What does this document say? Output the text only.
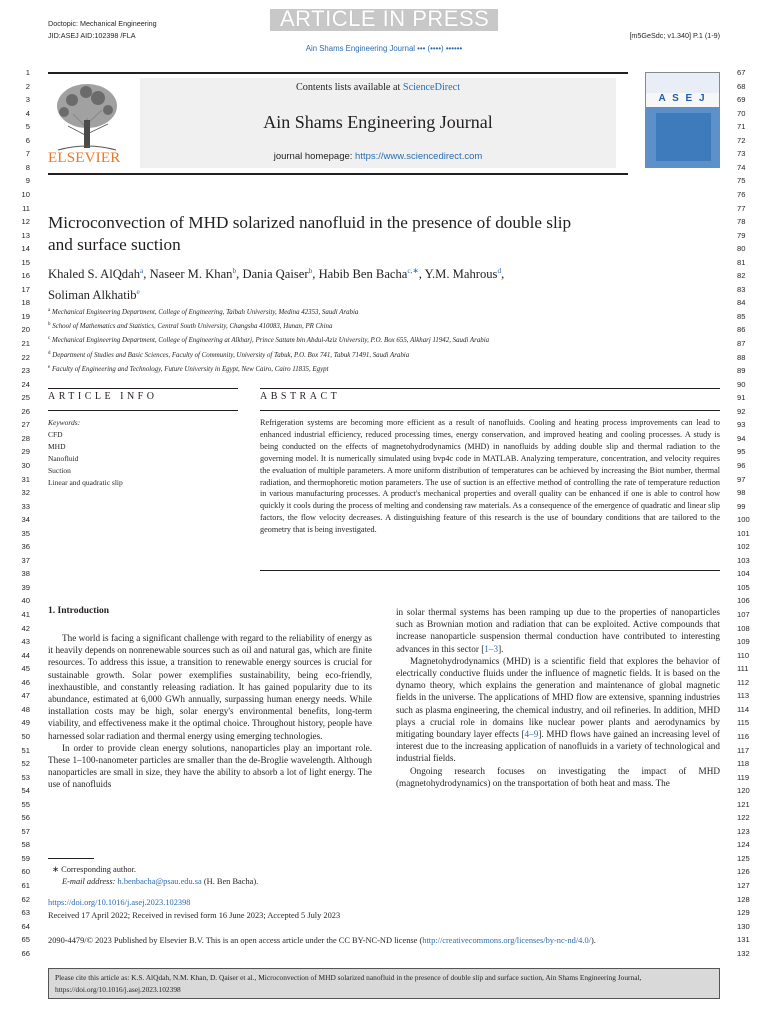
ARTICLE IN PRESS
Doctopic: Mechanical Engineering
JID:ASEJ AID:102398 /FLA	[m5GeSdc; v1.340] P.1 (1-9)
Ain Shams Engineering Journal ••• (••••) ••••••
1
2
3
4
5
6
7
8
9
10
11
12
13
14
15
16
17
18
19
20
21
22
23
24
25
26
27
28
29
30
31
32
33
34
35
36
37
38
39
40
41
42
43
44
45
46
47
48
49
50
51
52
53
54
55
56
57
58
59
60
61
62
63
64
65
66
67
68
69
70
71
72
73
74
75
76
77
78
79
80
81
82
83
84
85
86
87
88
89
90
91
92
93
94
95
96
97
98
99
100
101
102
103
104
105
106
107
108
109
110
111
112
113
114
115
116
117
118
119
120
121
122
123
124
125
126
127
128
129
130
131
132
ELSEVIER
Contents lists available at ScienceDirect
Ain Shams Engineering Journal
journal homepage: https://www.sciencedirect.com
A S E J
Microconvection of MHD solarized nanofluid in the presence of double slip
and surface suction
Khaled S. AlQdah$^a$, Naseer M. Khan$^b$, Dania Qaiser$^b$, Habib Ben Bacha$^{c,∗}$, Y.M. Mahrous$^d$,
Soliman Alkhatib$^e$
$^a$ Mechanical Engineering Department, College of Engineering, Taibah University, Medina 42353, Saudi Arabia
$^b$ School of Mathematics and Statistics, Central South University, Changsha 410083, Hunan, PR China
$^c$ Mechanical Engineering Department, College of Engineering at Alkharj, Prince Sattam bin Abdul-Aziz University, P.O. Box 655, Alkharj 11942, Saudi Arabia
$^d$ Department of Studies and Basic Sciences, Faculty of Community, University of Tabuk, P.O. Box 741, Tabuk 71491, Saudi Arabia
$^e$ Faculty of Engineering and Technology, Future University in Egypt, New Cairo, Cairo 11835, Egypt
ARTICLE INFO	ABSTRACT
Keywords:
CFD
MHD
Nanofluid
Suction
Linear and quadratic slip
Refrigeration systems are becoming more efficient as a result of nanofluids. Cooling and heating process improvements can lead to enhanced industrial efficiency, reduced processing times, energy conservation, and improved heating and cooling processes. A study is being conducted on the effects of magnetohydrodynamics (MHD) in nanofluids by adding double slip and thermal radiation to the governing model. It is numerically simulated using bvp4c code in MATLAB. Analyzing temperature, concentration, and velocity requires the evaluation of multiple parameters. A more uniform distribution of temperatures can be achieved by increasing the Biot number, thermal radiation, and thermophoretic motion parameters. The use of suction is an effective method of controlling the rate of temperature reduction in various manufacturing processes. A product's mechanical properties and overall quality can be enhanced if one is able to control how quickly it cools during the process of melting and condensing raw materials. As a consequence of the emergence of quadratic and linear slip factors, the flow velocity decreases. A distinguishing feature of this research is the use of boundary conditions that are tailored to the geometry that is being investigated.
1. Introduction
The world is facing a significant challenge with regard to the reliability of energy as it heavily depends on nonrenewable sources such as oil and natural gas, which are finite resources. To address this issue, a transition to renewable energy sources is crucial for sustainable growth. Solar power exemplifies sustainability, being eco-friendly, inexhaustible, and constantly releasing radiation. It has gained popularity due to its abundance, estimated at 6,000 GWh annually, surpassing human energy needs. While installation costs may be high, solar energy's environmental benefits, long-term viability, and effectiveness make it the optimal choice. Throughout history, people have harnessed solar radiation and thermal energy using emerging technologies.
In order to provide clean energy solutions, nanoparticles play an important role. These 1–100-nanometer particles are smaller than the de-Broglie wavelength. Although nanoparticles are small in size, they have the ability to absorb a lot of light energy. The use of nanofluids
in solar thermal systems has been ramping up due to the properties of nanoparticles such as Brownian motion and radiation that can be exploited. Active compounds that increase nanoparticle suspension thermal conduction have contributed to interesting advances in this sector [1–3].
Magnetohydrodynamics (MHD) is a scientific field that explores the behavior of electrically conductive fluids under the influence of magnetic fields. It is based on the dynamo theory, which explains the generation and maintenance of global magnetic fields in the universe. The applications of MHD flow are extensive, spanning industries such as plasma engineering, the chemical industry, and oil refineries. In addition, MHD plays a crucial role in domains like nuclear power plants and aerodynamics by mitigating boundary layer effects [4–9]. MHD flows have gained an increasing level of interest due to the increasing application of nanofluids in a variety of technological and industrial fields.
Ongoing research focuses on investigating the impact of MHD (magnetohydrodynamics) on the transportation of both heat and mass. The
∗ Corresponding author.
E-mail address: h.benbacha@psau.edu.sa (H. Ben Bacha).
https://doi.org/10.1016/j.asej.2023.102398
Received 17 April 2022; Received in revised form 16 June 2023; Accepted 5 July 2023
2090-4479/© 2023 Published by Elsevier B.V. This is an open access article under the CC BY-NC-ND license (http://creativecommons.org/licenses/by-nc-nd/4.0/).
Please cite this article as: K.S. AlQdah, N.M. Khan, D. Qaiser et al., Microconvection of MHD solarized nanofluid in the presence of double slip and surface suction, Ain Shams Engineering Journal, https://doi.org/10.1016/j.asej.2023.102398
